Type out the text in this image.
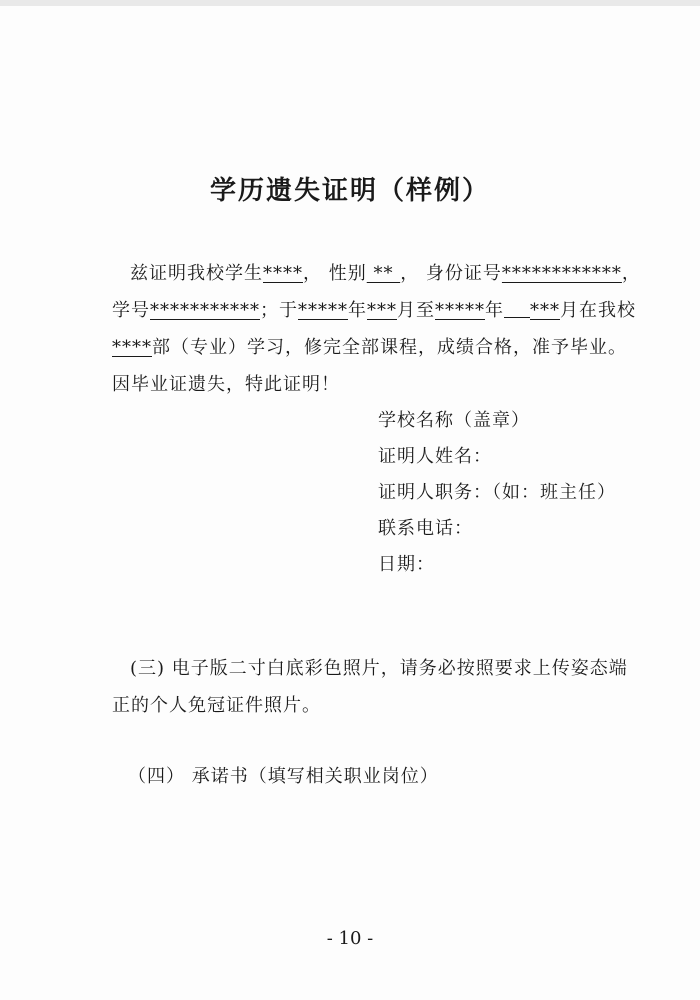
学历遗失证明（样例）
兹证明我校学生****， 性别 ** ， 身份证号************，
学号***********；于*****年***月至*****年 ***月在我校
****部（专业）学习，修完全部课程，成绩合格，准予毕业。
因毕业证遗失，特此证明！
学校名称（盖章）
证明人姓名：
证明人职务：（如：班主任）
联系电话：
日期：
(三) 电子版二寸白底彩色照片，请务必按照要求上传姿态端
正的个人免冠证件照片。
（四） 承诺书（填写相关职业岗位）
- 10 -
